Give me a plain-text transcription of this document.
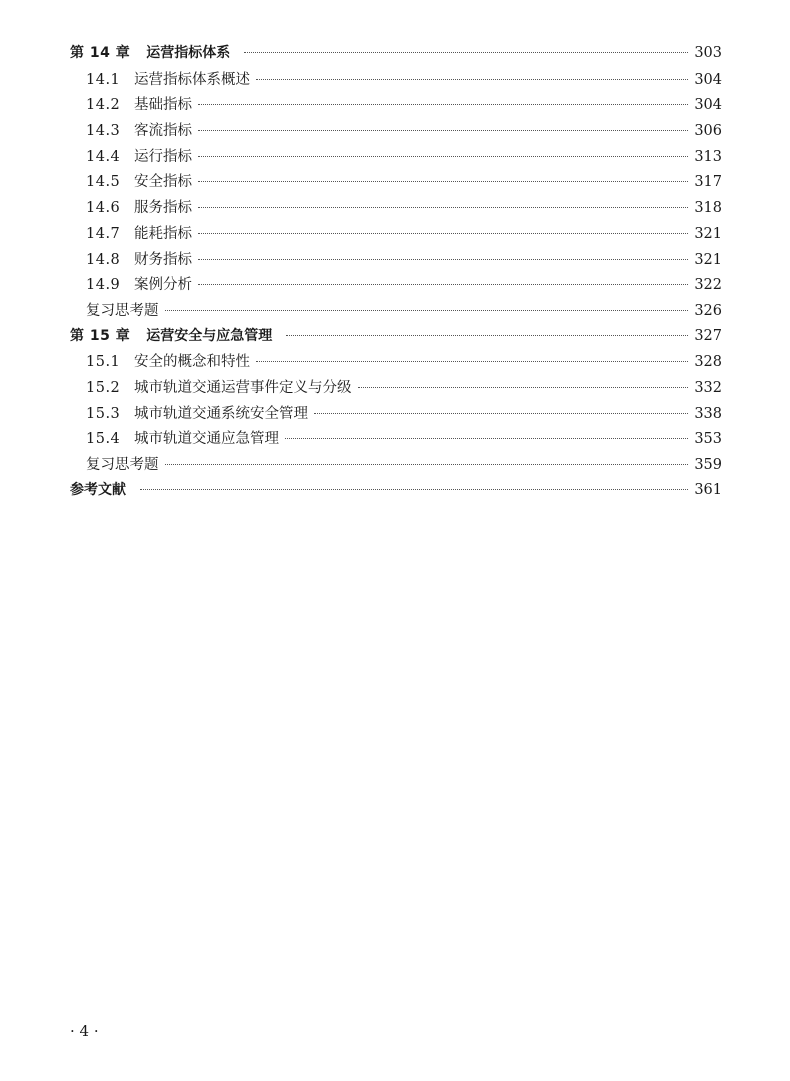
第 14 章 运营指标体系	303
14.1 运营指标体系概述	304
14.2 基础指标	304
14.3 客流指标	306
14.4 运行指标	313
14.5 安全指标	317
14.6 服务指标	318
14.7 能耗指标	321
14.8 财务指标	321
14.9 案例分析	322
复习思考题	326
第 15 章 运营安全与应急管理	327
15.1 安全的概念和特性	328
15.2 城市轨道交通运营事件定义与分级	332
15.3 城市轨道交通系统安全管理	338
15.4 城市轨道交通应急管理	353
复习思考题	359
参考文献	361
· 4 ·
